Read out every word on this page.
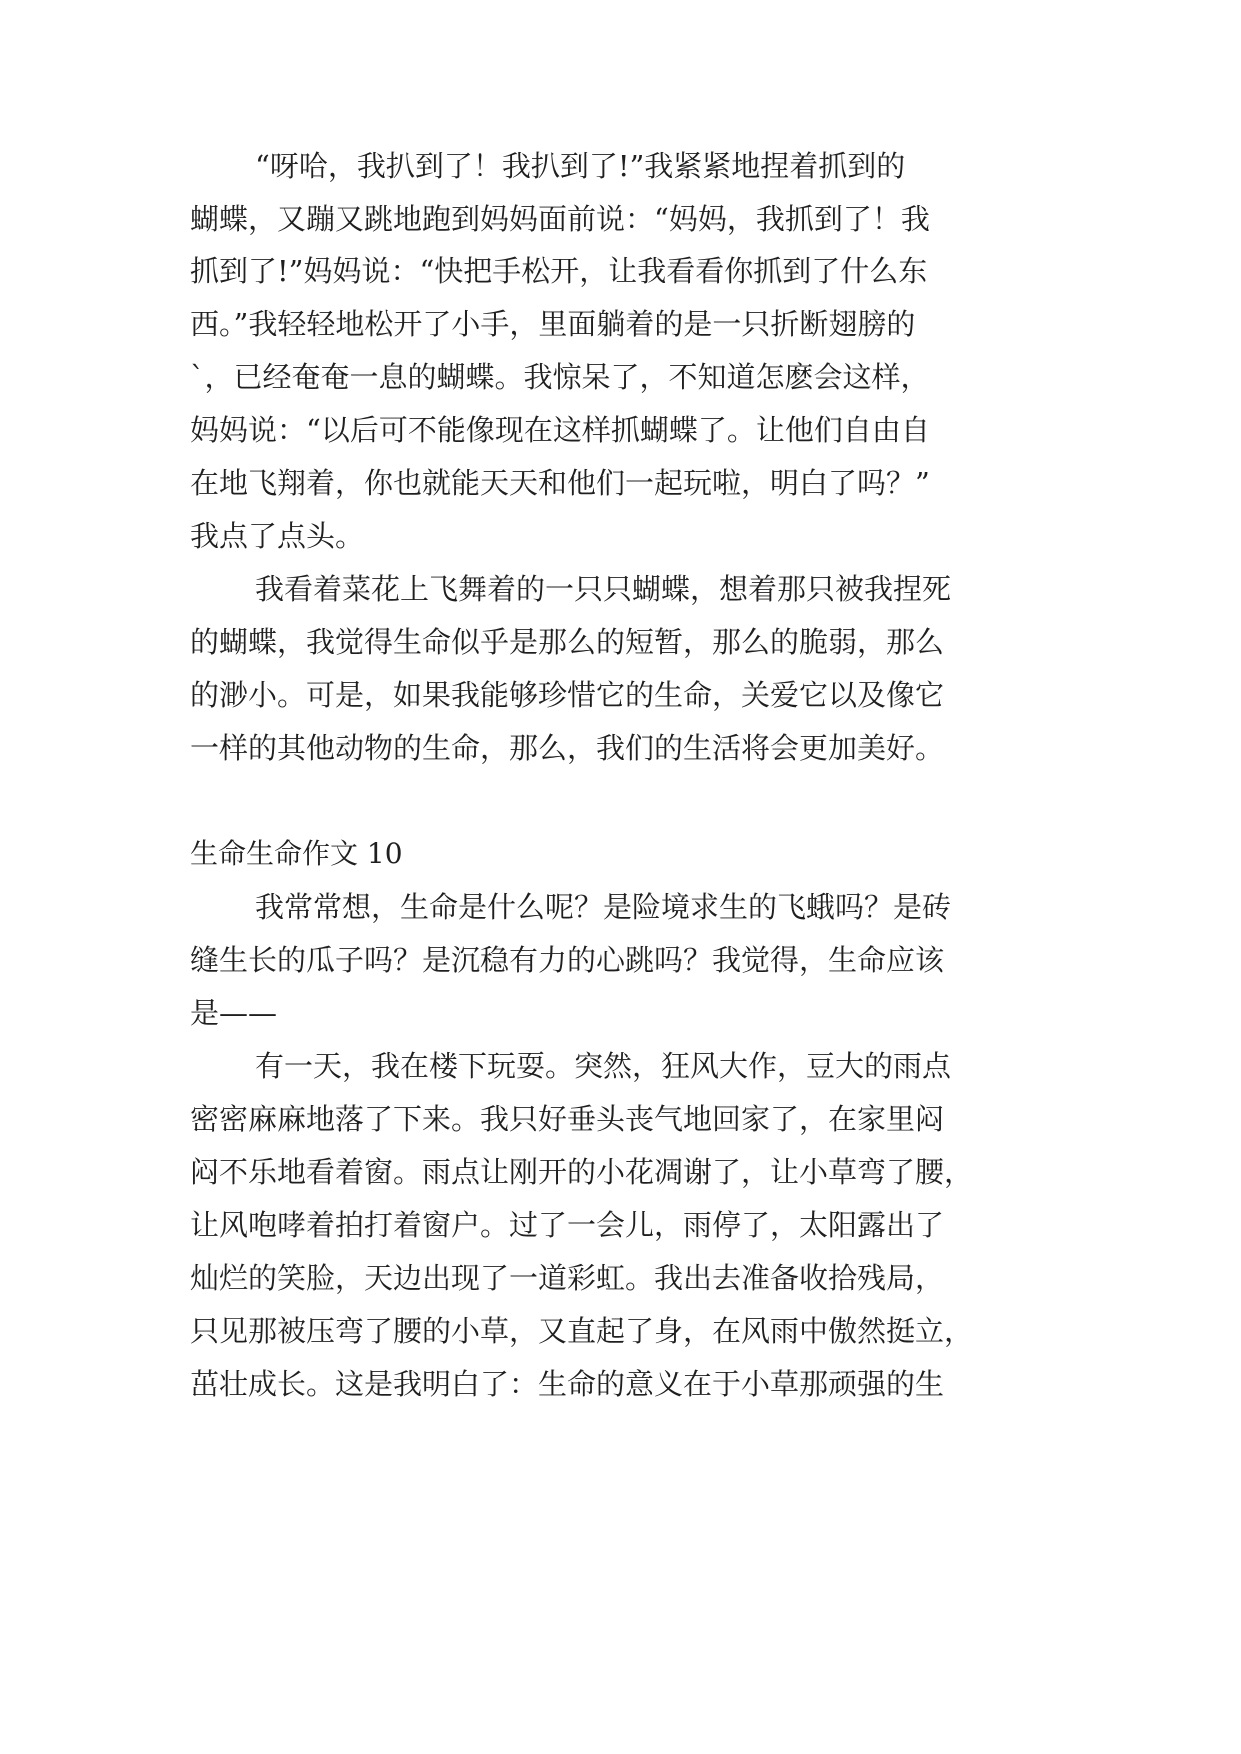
“呀哈，我扒到了！我扒到了!”我紧紧地捏着抓到的
蝴蝶，又蹦又跳地跑到妈妈面前说：“妈妈，我抓到了！我
抓到了!”妈妈说：“快把手松开，让我看看你抓到了什么东
西。”我轻轻地松开了小手，里面躺着的是一只折断翅膀的
`，已经奄奄一息的蝴蝶。我惊呆了，不知道怎麽会这样，
妈妈说：“以后可不能像现在这样抓蝴蝶了。让他们自由自
在地飞翔着，你也就能天天和他们一起玩啦，明白了吗？”
我点了点头。
我看着菜花上飞舞着的一只只蝴蝶，想着那只被我捏死
的蝴蝶，我觉得生命似乎是那么的短暂，那么的脆弱，那么
的渺小。可是，如果我能够珍惜它的生命，关爱它以及像它
一样的其他动物的生命，那么，我们的生活将会更加美好。
生命生命作文 10
我常常想，生命是什么呢？是险境求生的飞蛾吗？是砖
缝生长的瓜子吗？是沉稳有力的心跳吗？我觉得，生命应该
是——
有一天，我在楼下玩耍。突然，狂风大作，豆大的雨点
密密麻麻地落了下来。我只好垂头丧气地回家了，在家里闷
闷不乐地看着窗。雨点让刚开的小花凋谢了，让小草弯了腰，
让风咆哮着拍打着窗户。过了一会儿，雨停了，太阳露出了
灿烂的笑脸，天边出现了一道彩虹。我出去准备收拾残局，
只见那被压弯了腰的小草，又直起了身，在风雨中傲然挺立，
茁壮成长。这是我明白了：生命的意义在于小草那顽强的生
